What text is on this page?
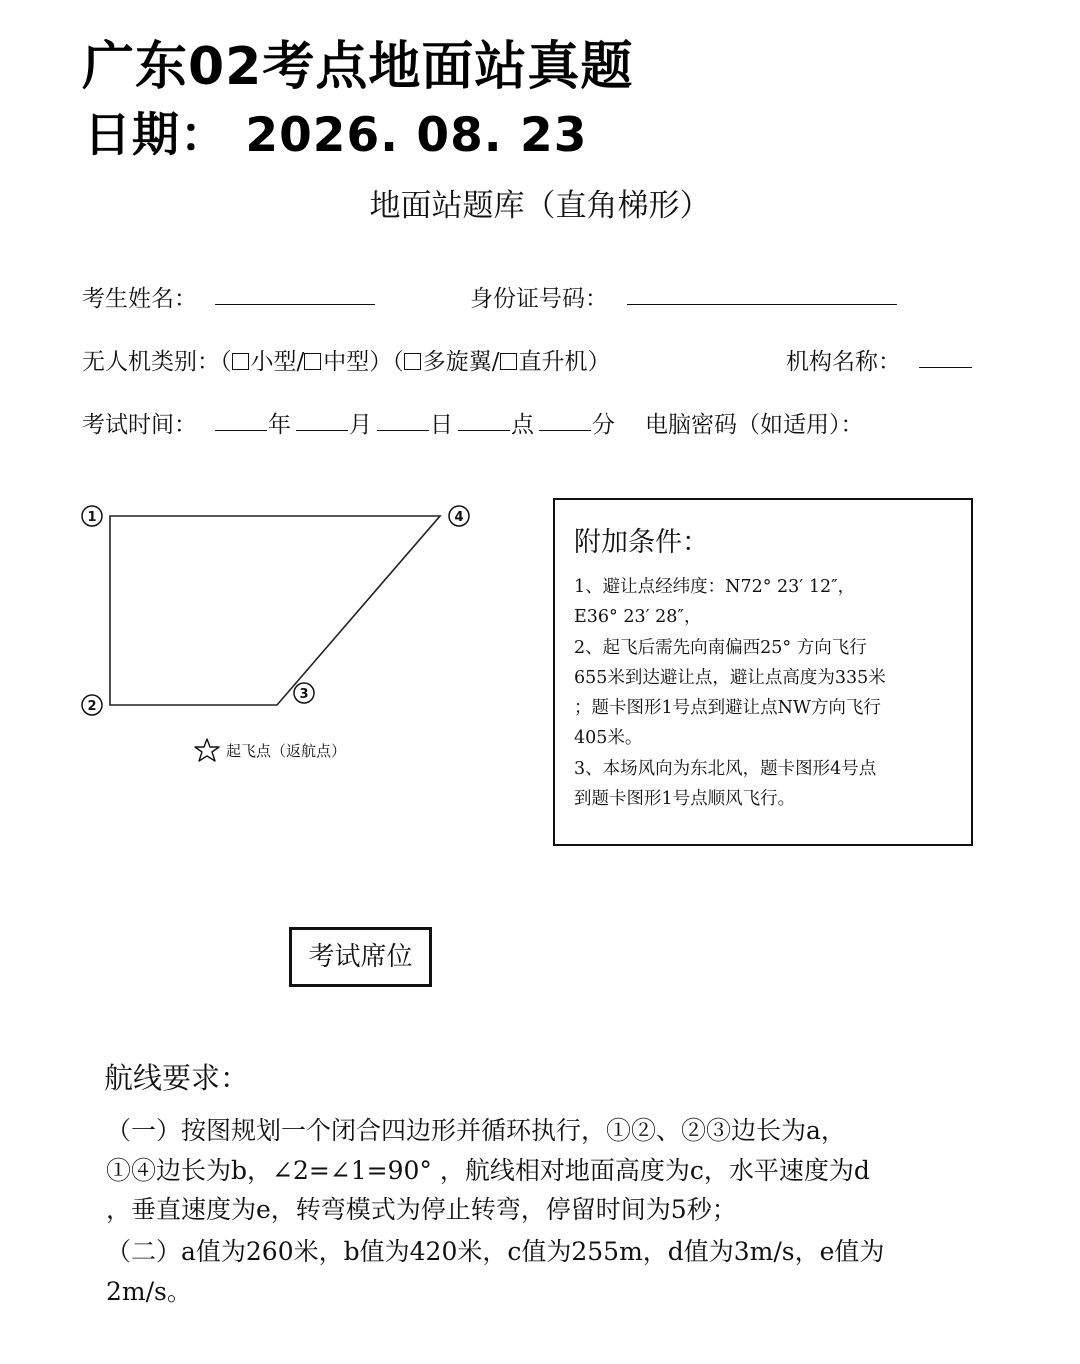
广东02考点地面站真题
日期： 2026. 08. 23
地面站题库（直角梯形）
考生姓名：	身份证号码：
无人机类别：（ 小型/ 中型）（ 多旋翼/ 直升机）	机构名称：
考试时间：	年	月	日	点	分 电脑密码（如适用）：
1
2
3
4
起飞点（返航点）
附加条件：
1、避让点经纬度：N72° 23′ 12″，
E36° 23′ 28″，
2、起飞后需先向南偏西25° 方向飞行
655米到达避让点，避让点高度为335米
；题卡图形1号点到避让点NW方向飞行
405米。
3、本场风向为东北风，题卡图形4号点
到题卡图形1号点顺风飞行。
考试席位
航线要求：
（一）按图规划一个闭合四边形并循环执行，①②、②③边长为a，
①④边长为b，∠2=∠1=90° ，航线相对地面高度为c，水平速度为d
，垂直速度为e，转弯模式为停止转弯，停留时间为5秒；
（二）a值为260米，b值为420米，c值为255m，d值为3m/s，e值为
2m/s。
